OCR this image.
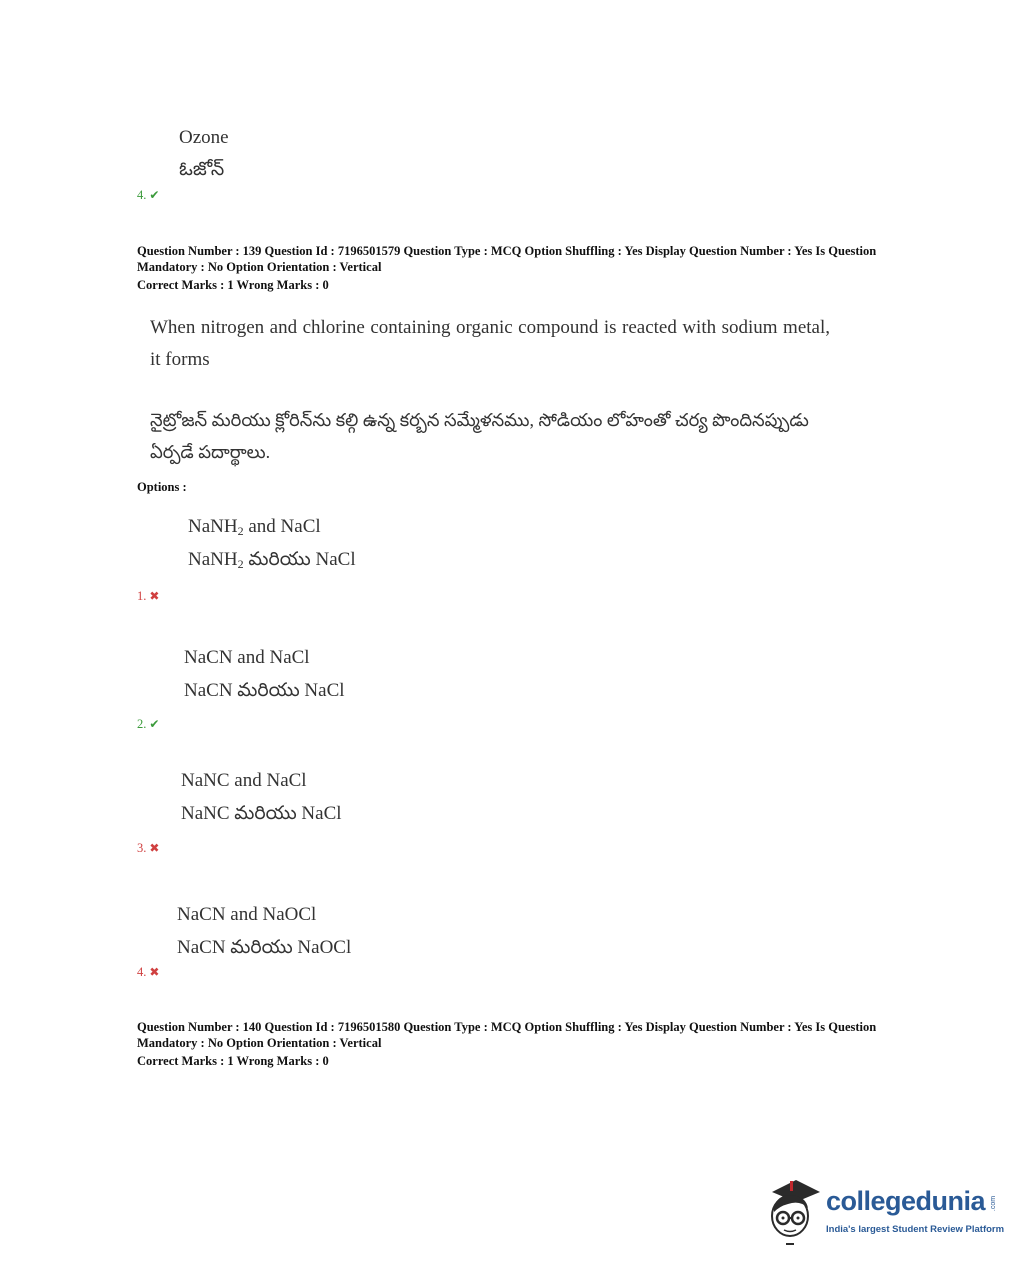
Ozone
ఓజోన్
4. ✔
Question Number : 139 Question Id : 7196501579 Question Type : MCQ Option Shuffling : Yes Display Question Number : Yes Is Question
Mandatory : No Option Orientation : Vertical
Correct Marks : 1 Wrong Marks : 0
When nitrogen and chlorine containing organic compound is reacted with sodium metal, it forms
నైట్రోజన్ మరియు క్లోరిన్‌ను కల్గి ఉన్న కర్బన సమ్మేళనము, సోడియం లోహంతో చర్య పొందినప్పుడు ఏర్పడే పదార్థాలు.
Options :
NaNH$_2$ and NaCl
NaNH$_2$ మరియు NaCl
1. ✖
NaCN and NaCl
NaCN మరియు NaCl
2. ✔
NaNC and NaCl
NaNC మరియు NaCl
3. ✖
NaCN and NaOCl
NaCN మరియు NaOCl
4. ✖
Question Number : 140 Question Id : 7196501580 Question Type : MCQ Option Shuffling : Yes Display Question Number : Yes Is Question
Mandatory : No Option Orientation : Vertical
Correct Marks : 1 Wrong Marks : 0
collegedunia .com
India's largest Student Review Platform
